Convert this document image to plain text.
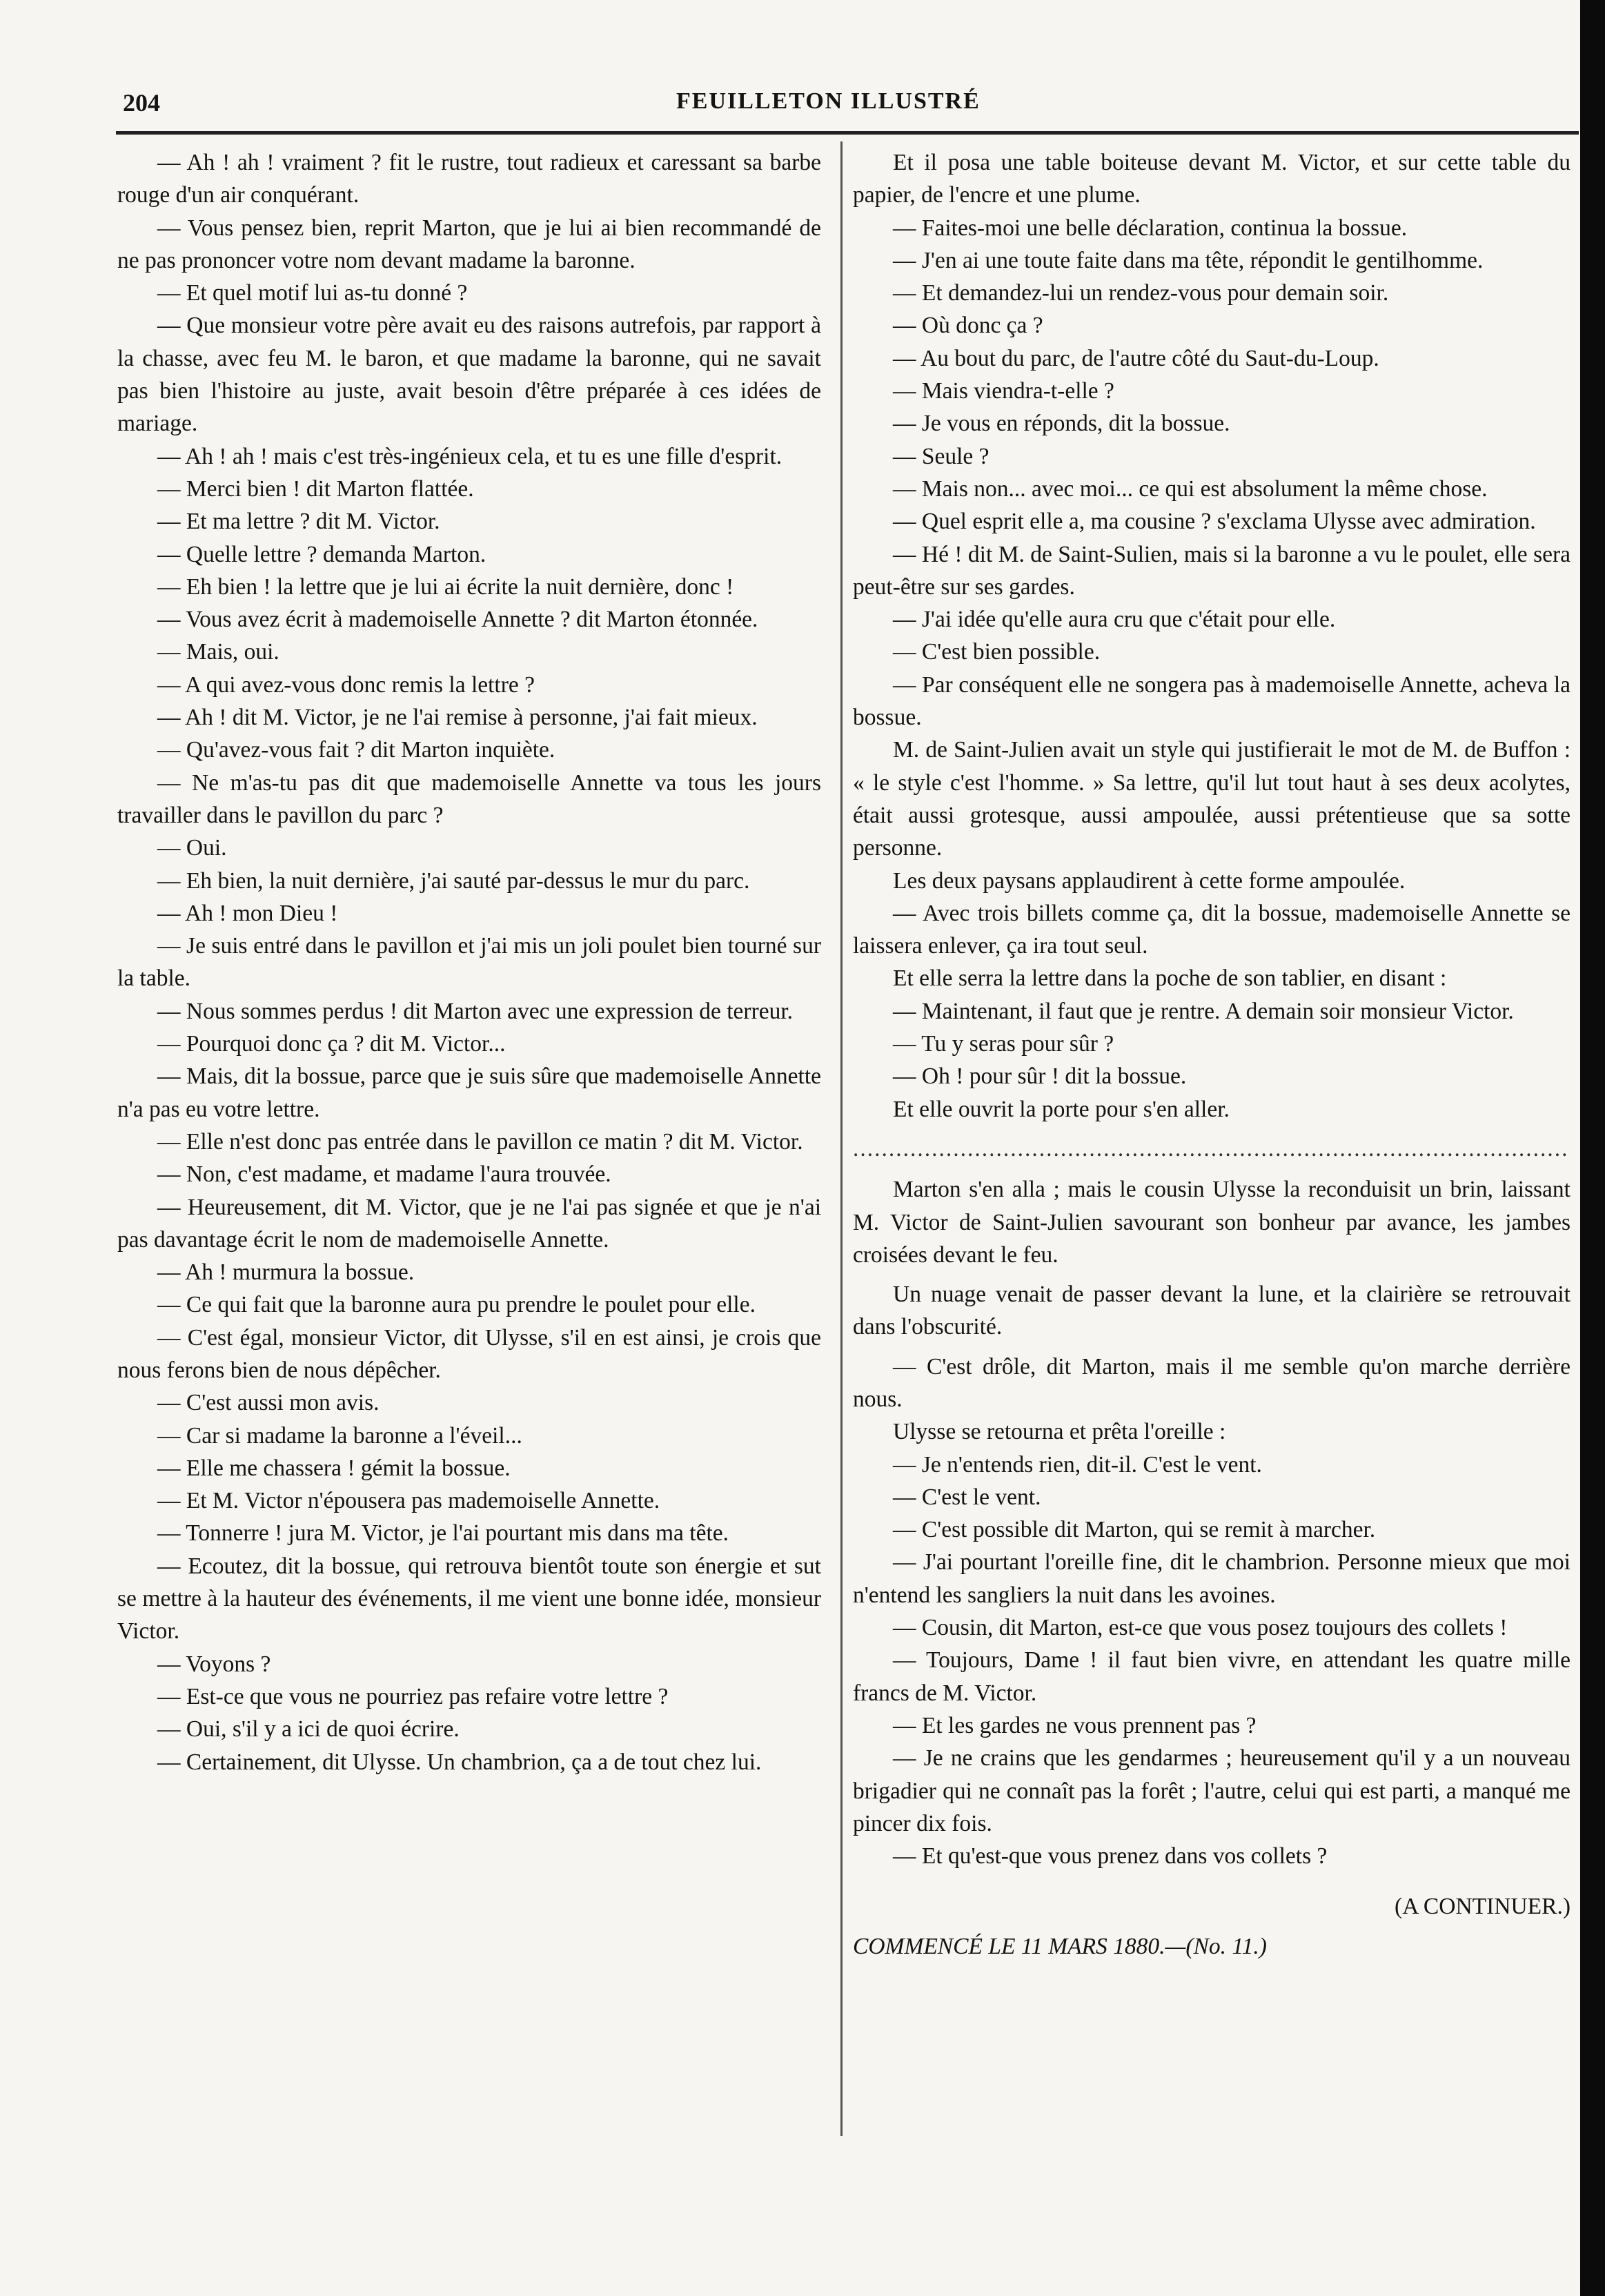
204	FEUILLETON ILLUSTRÉ

— Ah ! ah ! vraiment ? fit le rustre, tout radieux et caressant sa barbe rouge d'un air conquérant.

— Vous pensez bien, reprit Marton, que je lui ai bien recommandé de ne pas prononcer votre nom devant madame la baronne.

— Et quel motif lui as-tu donné ?

— Que monsieur votre père avait eu des raisons autrefois, par rapport à la chasse, avec feu M. le baron, et que madame la baronne, qui ne savait pas bien l'histoire au juste, avait besoin d'être préparée à ces idées de mariage.

— Ah ! ah ! mais c'est très-ingénieux cela, et tu es une fille d'esprit.

— Merci bien ! dit Marton flattée.

— Et ma lettre ? dit M. Victor.

— Quelle lettre ? demanda Marton.

— Eh bien ! la lettre que je lui ai écrite la nuit dernière, donc !

— Vous avez écrit à mademoiselle Annette ? dit Marton étonnée.

— Mais, oui.

— A qui avez-vous donc remis la lettre ?

— Ah ! dit M. Victor, je ne l'ai remise à personne, j'ai fait mieux.

— Qu'avez-vous fait ? dit Marton inquiète.

— Ne m'as-tu pas dit que mademoiselle Annette va tous les jours travailler dans le pavillon du parc ?

— Oui.

— Eh bien, la nuit dernière, j'ai sauté par-dessus le mur du parc.

— Ah ! mon Dieu !

— Je suis entré dans le pavillon et j'ai mis un joli poulet bien tourné sur la table.

— Nous sommes perdus ! dit Marton avec une expression de terreur.

— Pourquoi donc ça ? dit M. Victor...

— Mais, dit la bossue, parce que je suis sûre que mademoiselle Annette n'a pas eu votre lettre.

— Elle n'est donc pas entrée dans le pavillon ce matin ? dit M. Victor.

— Non, c'est madame, et madame l'aura trouvée.

— Heureusement, dit M. Victor, que je ne l'ai pas signée et que je n'ai pas davantage écrit le nom de mademoiselle Annette.

— Ah ! murmura la bossue.

— Ce qui fait que la baronne aura pu prendre le poulet pour elle.

— C'est égal, monsieur Victor, dit Ulysse, s'il en est ainsi, je crois que nous ferons bien de nous dépêcher.

— C'est aussi mon avis.

— Car si madame la baronne a l'éveil...

— Elle me chassera ! gémit la bossue.

— Et M. Victor n'épousera pas mademoiselle Annette.

— Tonnerre ! jura M. Victor, je l'ai pourtant mis dans ma tête.

— Ecoutez, dit la bossue, qui retrouva bientôt toute son énergie et sut se mettre à la hauteur des événements, il me vient une bonne idée, monsieur Victor.

— Voyons ?

— Est-ce que vous ne pourriez pas refaire votre lettre ?

— Oui, s'il y a ici de quoi écrire.

— Certainement, dit Ulysse. Un chambrion, ça a de tout chez lui.

Et il posa une table boiteuse devant M. Victor, et sur cette table du papier, de l'encre et une plume.

— Faites-moi une belle déclaration, continua la bossue.

— J'en ai une toute faite dans ma tête, répondit le gentilhomme.

— Et demandez-lui un rendez-vous pour demain soir.

— Où donc ça ?

— Au bout du parc, de l'autre côté du Saut-du-Loup.

— Mais viendra-t-elle ?

— Je vous en réponds, dit la bossue.

— Seule ?

— Mais non... avec moi... ce qui est absolument la même chose.

— Quel esprit elle a, ma cousine ? s'exclama Ulysse avec admiration.

— Hé ! dit M. de Saint-Sulien, mais si la baronne a vu le poulet, elle sera peut-être sur ses gardes.

— J'ai idée qu'elle aura cru que c'était pour elle.

— C'est bien possible.

— Par conséquent elle ne songera pas à mademoiselle Annette, acheva la bossue.

M. de Saint-Julien avait un style qui justifierait le mot de M. de Buffon : « le style c'est l'homme. » Sa lettre, qu'il lut tout haut à ses deux acolytes, était aussi grotesque, aussi ampoulée, aussi prétentieuse que sa sotte personne.

Les deux paysans applaudirent à cette forme ampoulée.

— Avec trois billets comme ça, dit la bossue, mademoiselle Annette se laissera enlever, ça ira tout seul.

Et elle serra la lettre dans la poche de son tablier, en disant :

— Maintenant, il faut que je rentre. A demain soir monsieur Victor.

— Tu y seras pour sûr ?

— Oh ! pour sûr ! dit la bossue.

Et elle ouvrit la porte pour s'en aller.

....................................................................................................

Marton s'en alla ; mais le cousin Ulysse la reconduisit un brin, laissant M. Victor de Saint-Julien savourant son bonheur par avance, les jambes croisées devant le feu.

Un nuage venait de passer devant la lune, et la clairière se retrouvait dans l'obscurité.

— C'est drôle, dit Marton, mais il me semble qu'on marche derrière nous.

Ulysse se retourna et prêta l'oreille :

— Je n'entends rien, dit-il. C'est le vent.

— C'est le vent.

— C'est possible dit Marton, qui se remit à marcher.

— J'ai pourtant l'oreille fine, dit le chambrion. Personne mieux que moi n'entend les sangliers la nuit dans les avoines.

— Cousin, dit Marton, est-ce que vous posez toujours des collets !

— Toujours, Dame ! il faut bien vivre, en attendant les quatre mille francs de M. Victor.

— Et les gardes ne vous prennent pas ?

— Je ne crains que les gendarmes ; heureusement qu'il y a un nouveau brigadier qui ne connaît pas la forêt ; l'autre, celui qui est parti, a manqué me pincer dix fois.

— Et qu'est-que vous prenez dans vos collets ?

(A CONTINUER.)

COMMENCÉ LE 11 MARS 1880.—(No. 11.)
